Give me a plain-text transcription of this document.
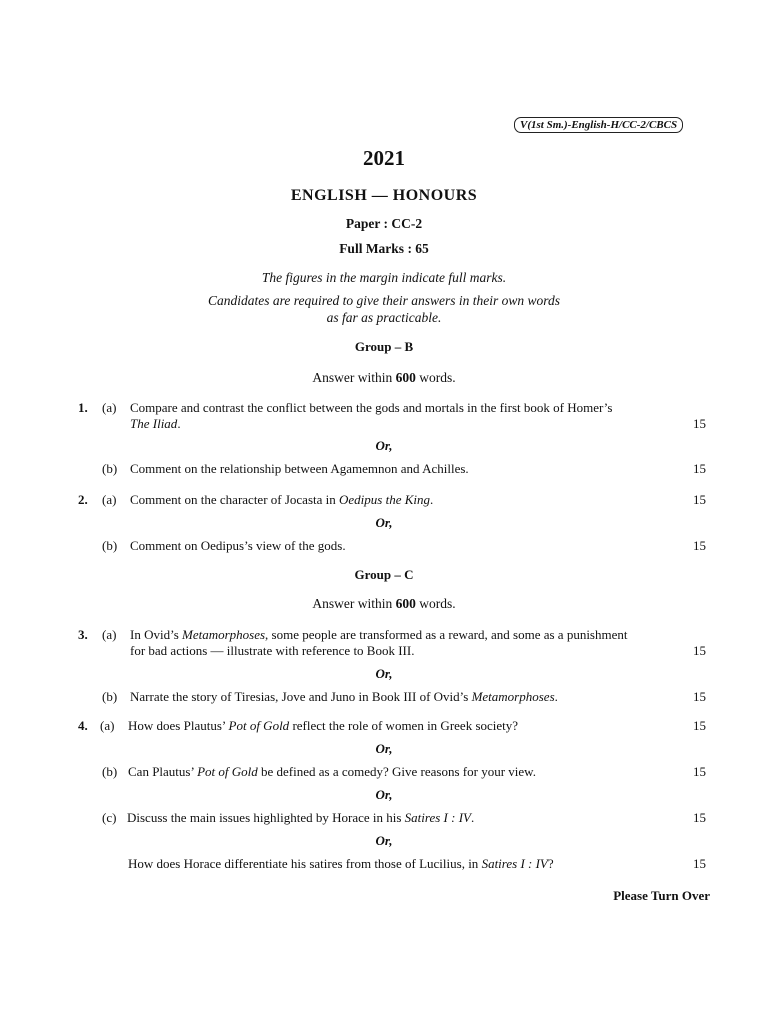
V(1st Sm.)-English-H/CC-2/CBCS
2021
ENGLISH — HONOURS
Paper : CC-2
Full Marks : 65
The figures in the margin indicate full marks.
Candidates are required to give their answers in their own words
as far as practicable.
Group – B
Answer within 600 words.
1. (a) Compare and contrast the conflict between the gods and mortals in the first book of Homer’s
The Iliad.	15
Or,
(b) Comment on the relationship between Agamemnon and Achilles.	15
2. (a) Comment on the character of Jocasta in Oedipus the King.	15
Or,
(b) Comment on Oedipus’s view of the gods.	15
Group – C
Answer within 600 words.
3. (a) In Ovid’s Metamorphoses, some people are transformed as a reward, and some as a punishment
for bad actions — illustrate with reference to Book III.	15
Or,
(b) Narrate the story of Tiresias, Jove and Juno in Book III of Ovid’s Metamorphoses.	15
4. (a) How does Plautus’ Pot of Gold reflect the role of women in Greek society?	15
Or,
(b) Can Plautus’ Pot of Gold be defined as a comedy? Give reasons for your view.	15
Or,
(c) Discuss the main issues highlighted by Horace in his Satires I : IV.	15
Or,
How does Horace differentiate his satires from those of Lucilius, in Satires I : IV?	15
Please Turn Over
